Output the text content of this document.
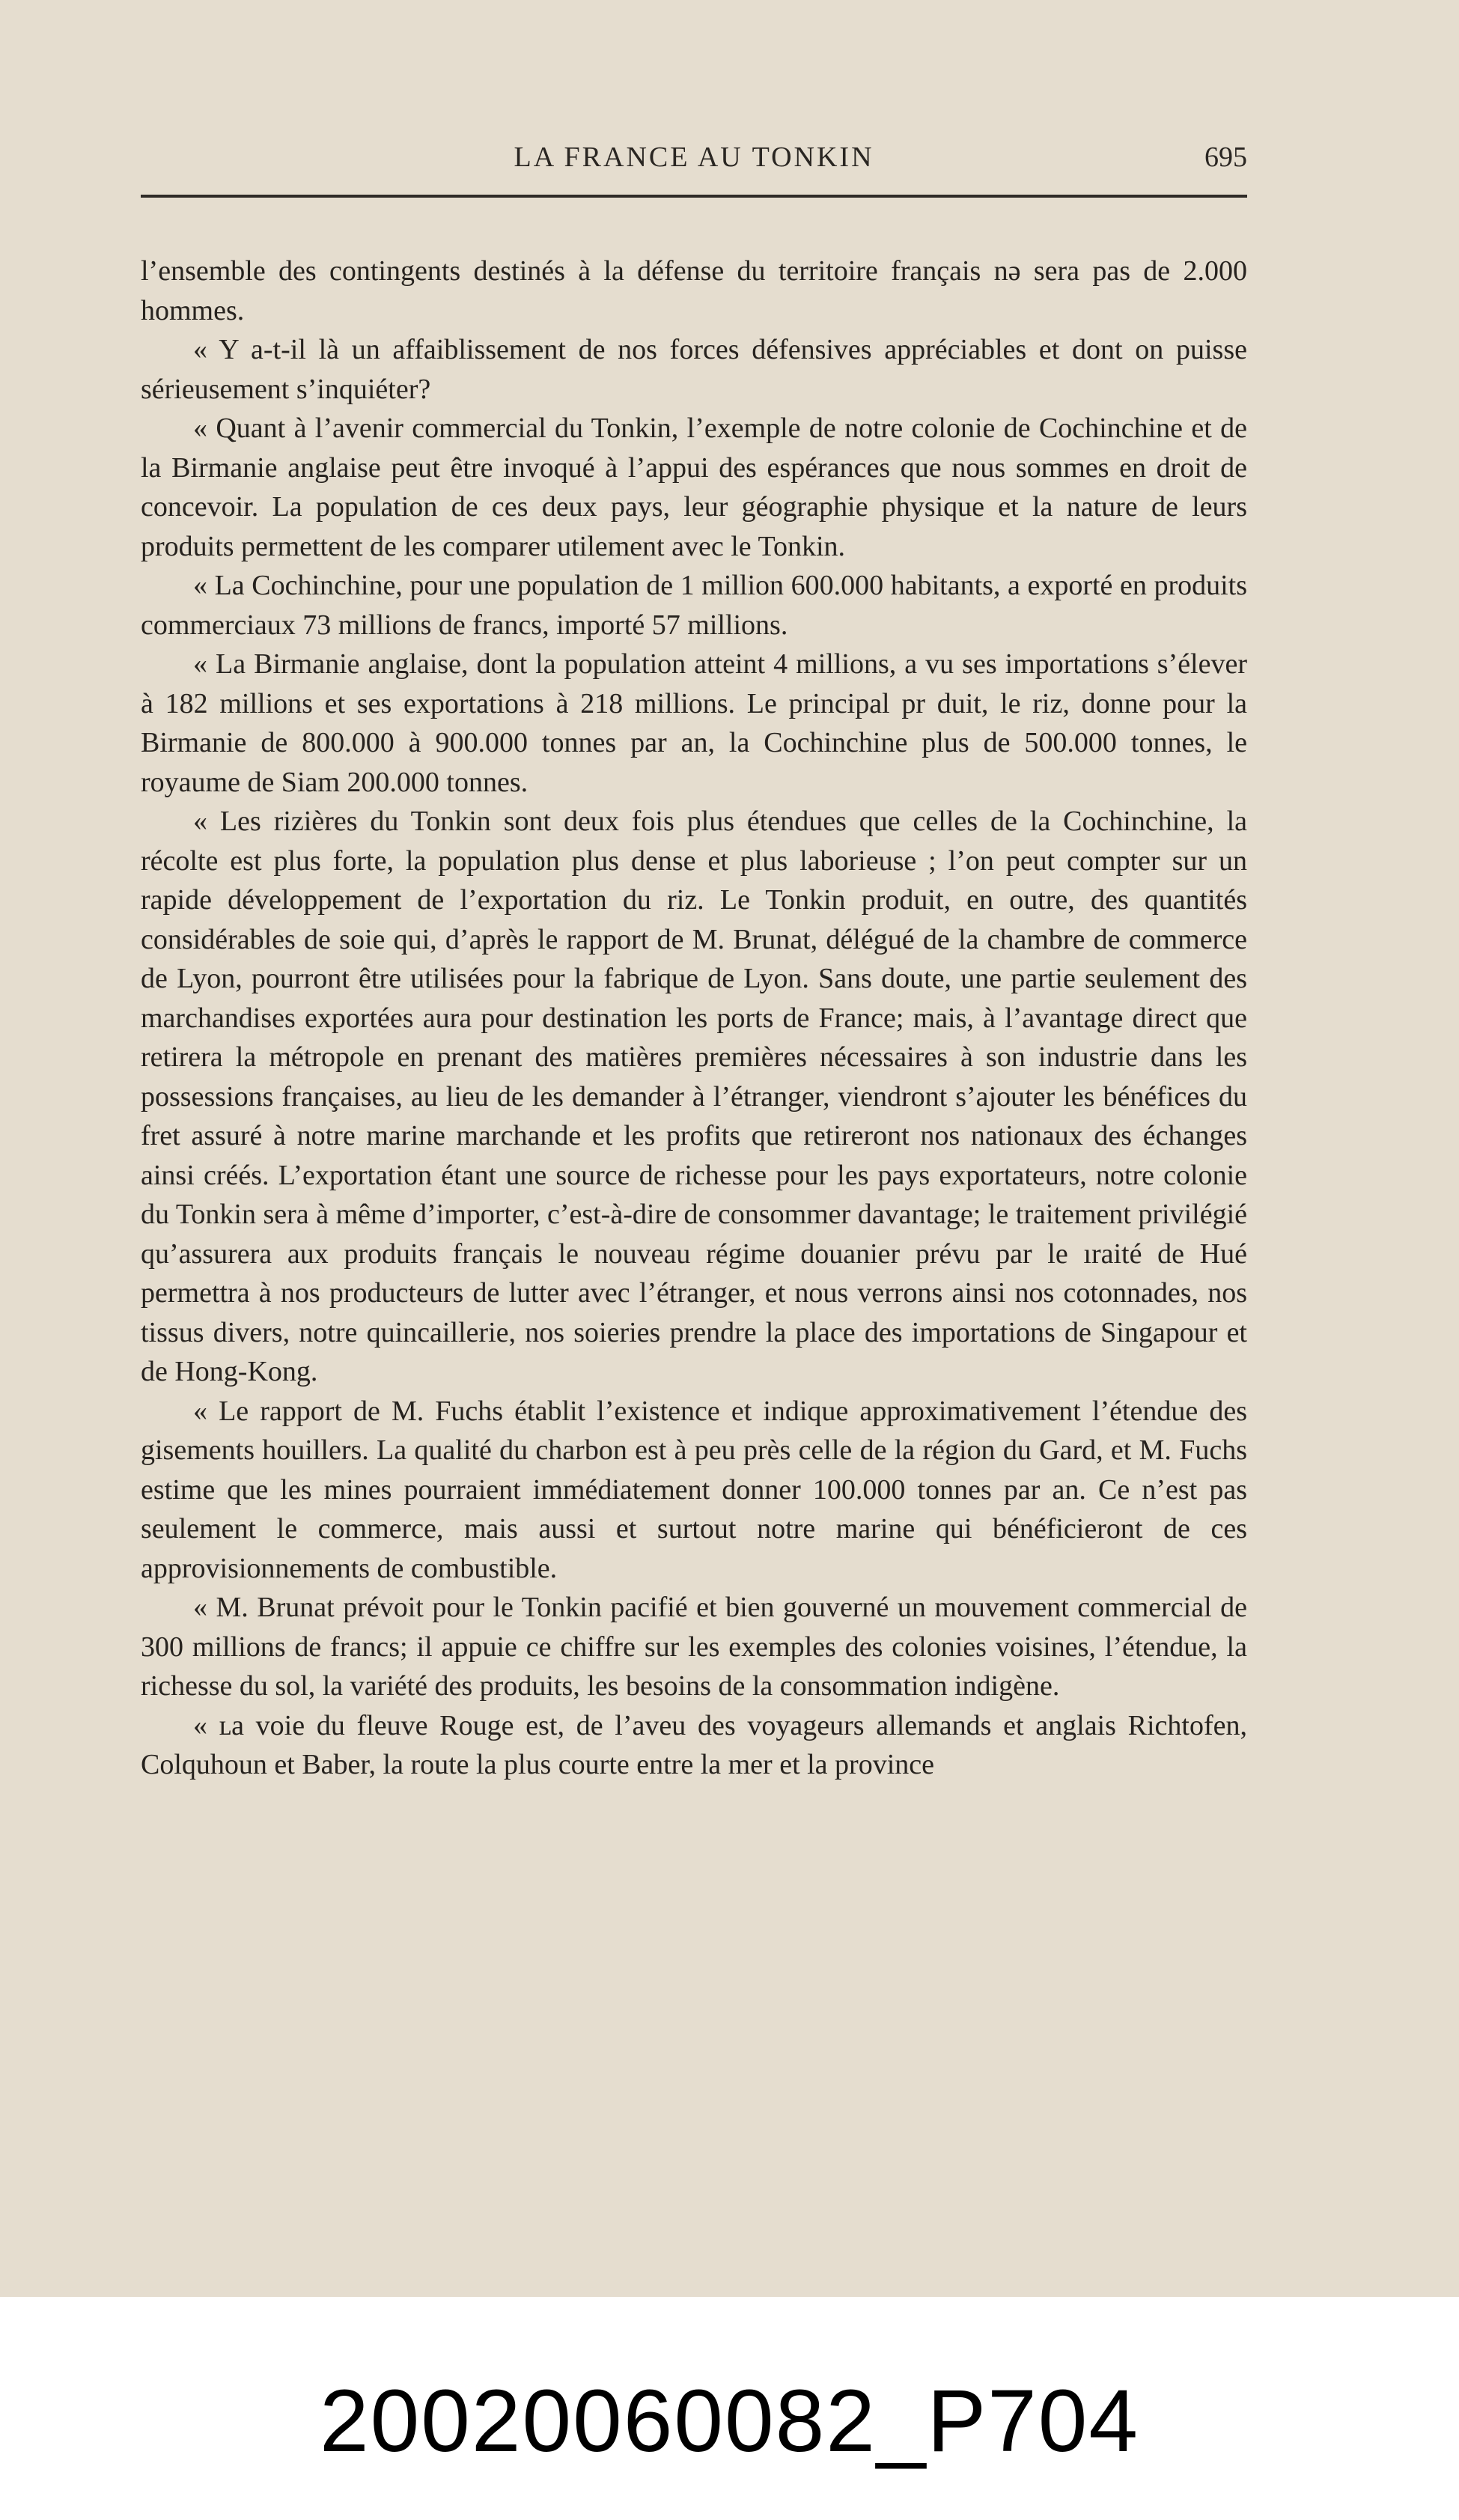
LA FRANCE AU TONKIN	695

l’ensemble des contingents destinés à la défense du territoire français nə sera pas de 2.000 hommes.

« Y a-t-il là un affaiblissement de nos forces défensives appréciables et dont on puisse sérieusement s’inquiéter?

« Quant à l’avenir commercial du Tonkin, l’exemple de notre colonie de Cochinchine et de la Birmanie anglaise peut être invoqué à l’appui des espérances que nous sommes en droit de concevoir. La population de ces deux pays, leur géographie physique et la nature de leurs produits permettent de les comparer utilement avec le Tonkin.

« La Cochinchine, pour une population de 1 million 600.000 habitants, a exporté en produits commerciaux 73 millions de francs, importé 57 millions.

« La Birmanie anglaise, dont la population atteint 4 millions, a vu ses importations s’élever à 182 millions et ses exportations à 218 millions. Le principal pr duit, le riz, donne pour la Birmanie de 800.000 à 900.000 tonnes par an, la Cochinchine plus de 500.000 tonnes, le royaume de Siam 200.000 tonnes.

« Les rizières du Tonkin sont deux fois plus étendues que celles de la Cochinchine, la récolte est plus forte, la population plus dense et plus laborieuse ; l’on peut compter sur un rapide développement de l’exportation du riz. Le Tonkin produit, en outre, des quantités considérables de soie qui, d’après le rapport de M. Brunat, délégué de la chambre de commerce de Lyon, pourront être utilisées pour la fabrique de Lyon. Sans doute, une partie seulement des marchandises exportées aura pour destination les ports de France; mais, à l’avantage direct que retirera la métropole en prenant des matières premières nécessaires à son industrie dans les possessions françaises, au lieu de les demander à l’étranger, viendront s’ajouter les bénéfices du fret assuré à notre marine marchande et les profits que retireront nos nationaux des échanges ainsi créés. L’exportation étant une source de richesse pour les pays exportateurs, notre colonie du Tonkin sera à même d’importer, c’est-à-dire de consommer davantage; le traitement privilégié qu’assurera aux produits français le nouveau régime douanier prévu par le ıraité de Hué permettra à nos producteurs de lutter avec l’étranger, et nous verrons ainsi nos cotonnades, nos tissus divers, notre quincaillerie, nos soieries prendre la place des importations de Singapour et de Hong-Kong.

« Le rapport de M. Fuchs établit l’existence et indique approximativement l’étendue des gisements houillers. La qualité du charbon est à peu près celle de la région du Gard, et M. Fuchs estime que les mines pourraient immédiatement donner 100.000 tonnes par an. Ce n’est pas seulement le commerce, mais aussi et surtout notre marine qui bénéficieront de ces approvisionnements de combustible.

« M. Brunat prévoit pour le Tonkin pacifié et bien gouverné un mouvement commercial de 300 millions de francs; il appuie ce chiffre sur les exemples des colonies voisines, l’étendue, la richesse du sol, la variété des produits, les besoins de la consommation indigène.

« ʟa voie du fleuve Rouge est, de l’aveu des voyageurs allemands et anglais Richtofen, Colquhoun et Baber, la route la plus courte entre la mer et la province

20020060082_P704
